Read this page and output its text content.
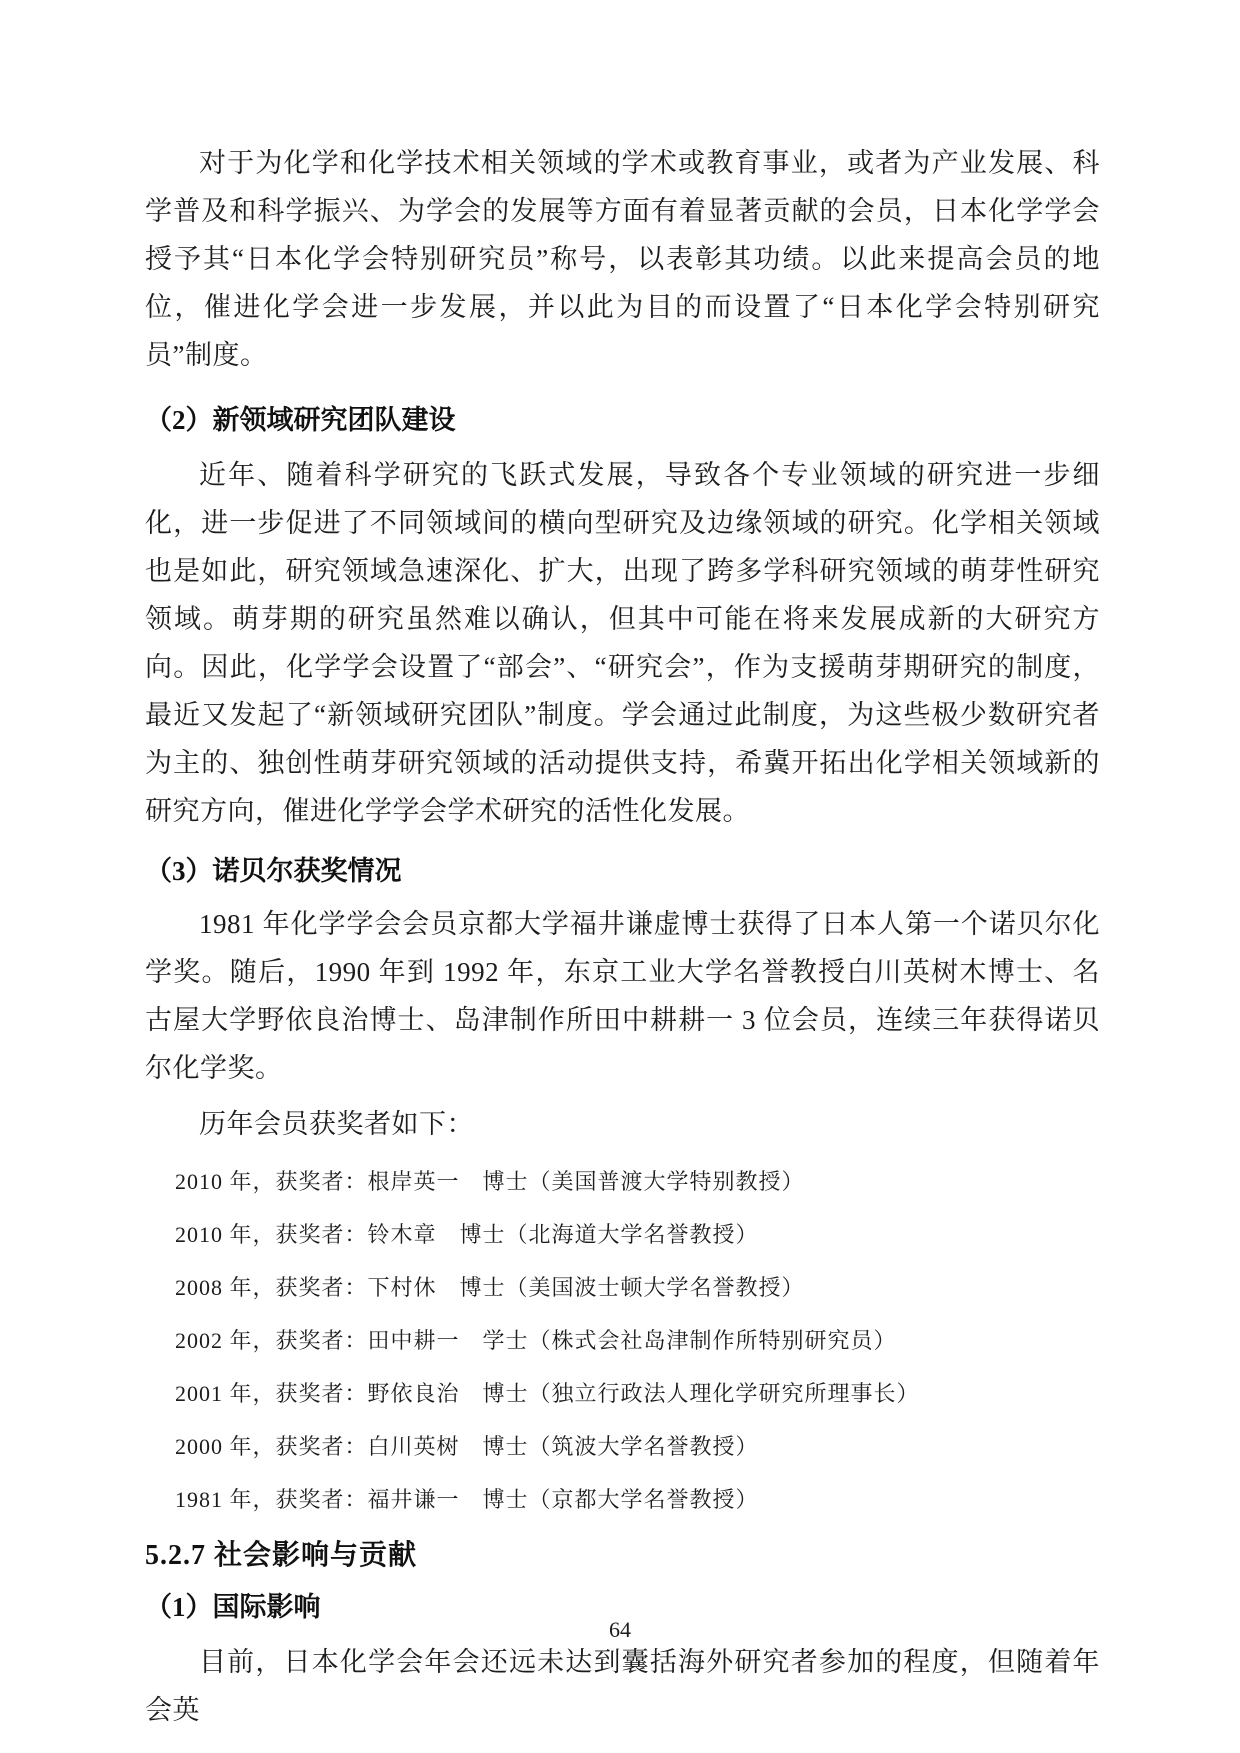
对于为化学和化学技术相关领域的学术或教育事业，或者为产业发展、科学普及和科学振兴、为学会的发展等方面有着显著贡献的会员，日本化学学会授予其“日本化学会特别研究员”称号，以表彰其功绩。以此来提高会员的地位，催进化学会进一步发展，并以此为目的而设置了“日本化学会特别研究员”制度。

（2）新领域研究团队建设

近年、随着科学研究的飞跃式发展，导致各个专业领域的研究进一步细化，进一步促进了不同领域间的横向型研究及边缘领域的研究。化学相关领域也是如此，研究领域急速深化、扩大，出现了跨多学科研究领域的萌芽性研究领域。萌芽期的研究虽然难以确认，但其中可能在将来发展成新的大研究方向。因此，化学学会设置了“部会”、“研究会”，作为支援萌芽期研究的制度，最近又发起了“新领域研究团队”制度。学会通过此制度，为这些极少数研究者为主的、独创性萌芽研究领域的活动提供支持，希冀开拓出化学相关领域新的研究方向，催进化学学会学术研究的活性化发展。

（3）诺贝尔获奖情况

1981 年化学学会会员京都大学福井谦虚博士获得了日本人第一个诺贝尔化学奖。随后，1990 年到 1992 年，东京工业大学名誉教授白川英树木博士、名古屋大学野依良治博士、岛津制作所田中耕耕一 3 位会员，连续三年获得诺贝尔化学奖。

历年会员获奖者如下：

2010 年，获奖者：根岸英一　博士（美国普渡大学特别教授）
2010 年，获奖者：铃木章　博士（北海道大学名誉教授）
2008 年，获奖者：下村休　博士（美国波士顿大学名誉教授）
2002 年，获奖者：田中耕一　学士（株式会社岛津制作所特别研究员）
2001 年，获奖者：野依良治　博士（独立行政法人理化学研究所理事长）
2000 年，获奖者：白川英树　博士（筑波大学名誉教授）
1981 年，获奖者：福井谦一　博士（京都大学名誉教授）
5.2.7 社会影响与贡献
（1）国际影响

目前，日本化学会年会还远未达到囊括海外研究者参加的程度，但随着年会英

64
